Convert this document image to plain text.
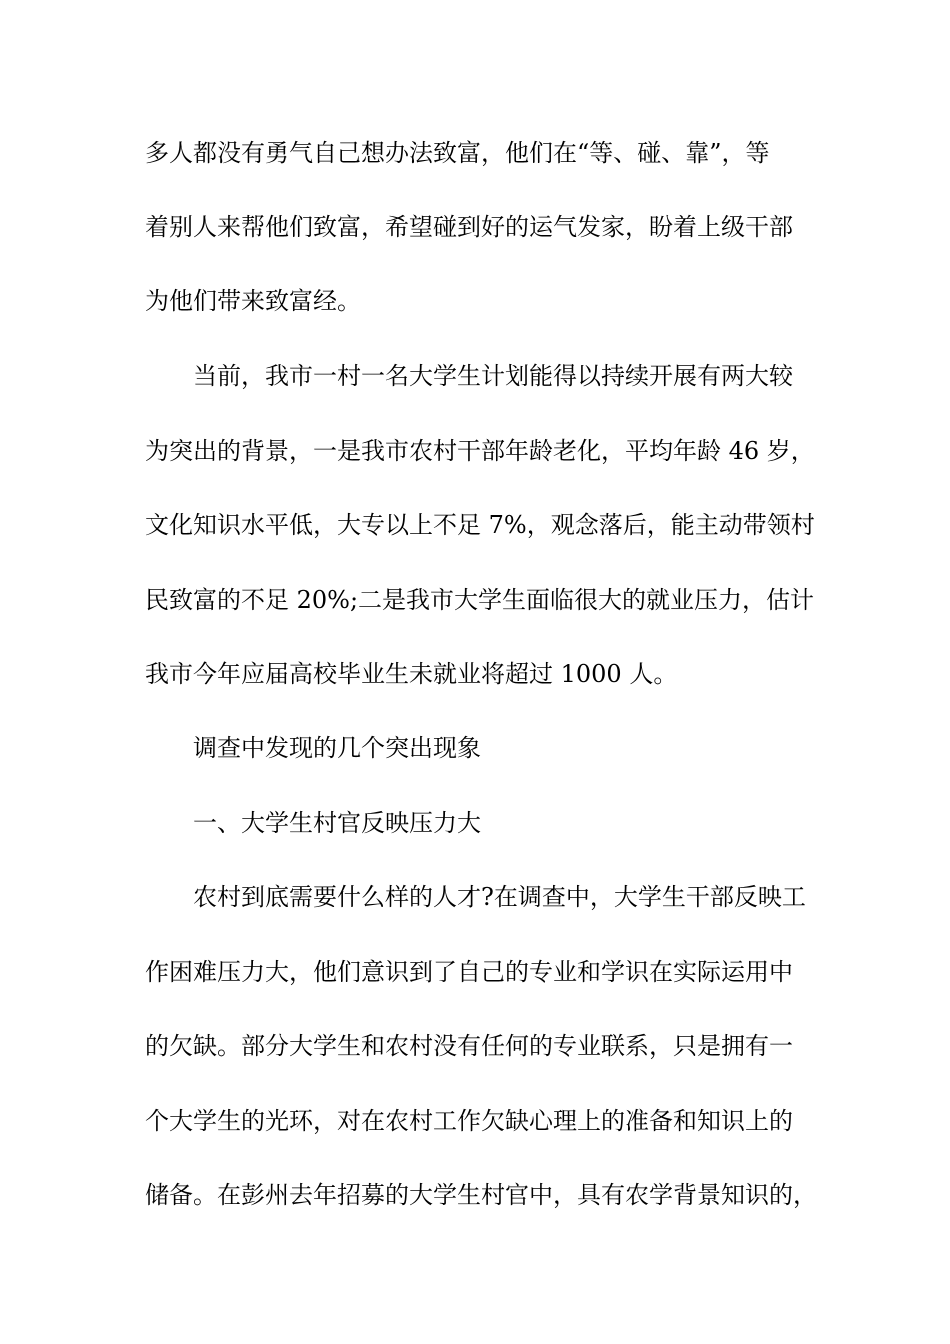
多人都没有勇气自己想办法致富，他们在“等、碰、靠”，等
着别人来帮他们致富，希望碰到好的运气发家，盼着上级干部
为他们带来致富经。
当前，我市一村一名大学生计划能得以持续开展有两大较
为突出的背景，一是我市农村干部年龄老化，平均年龄 46 岁，
文化知识水平低，大专以上不足 7%，观念落后，能主动带领村
民致富的不足 20%;二是我市大学生面临很大的就业压力，估计
我市今年应届高校毕业生未就业将超过 1000 人。
调查中发现的几个突出现象
一、大学生村官反映压力大
农村到底需要什么样的人才?在调查中，大学生干部反映工
作困难压力大，他们意识到了自己的专业和学识在实际运用中
的欠缺。部分大学生和农村没有任何的专业联系，只是拥有一
个大学生的光环，对在农村工作欠缺心理上的准备和知识上的
储备。在彭州去年招募的大学生村官中，具有农学背景知识的，
